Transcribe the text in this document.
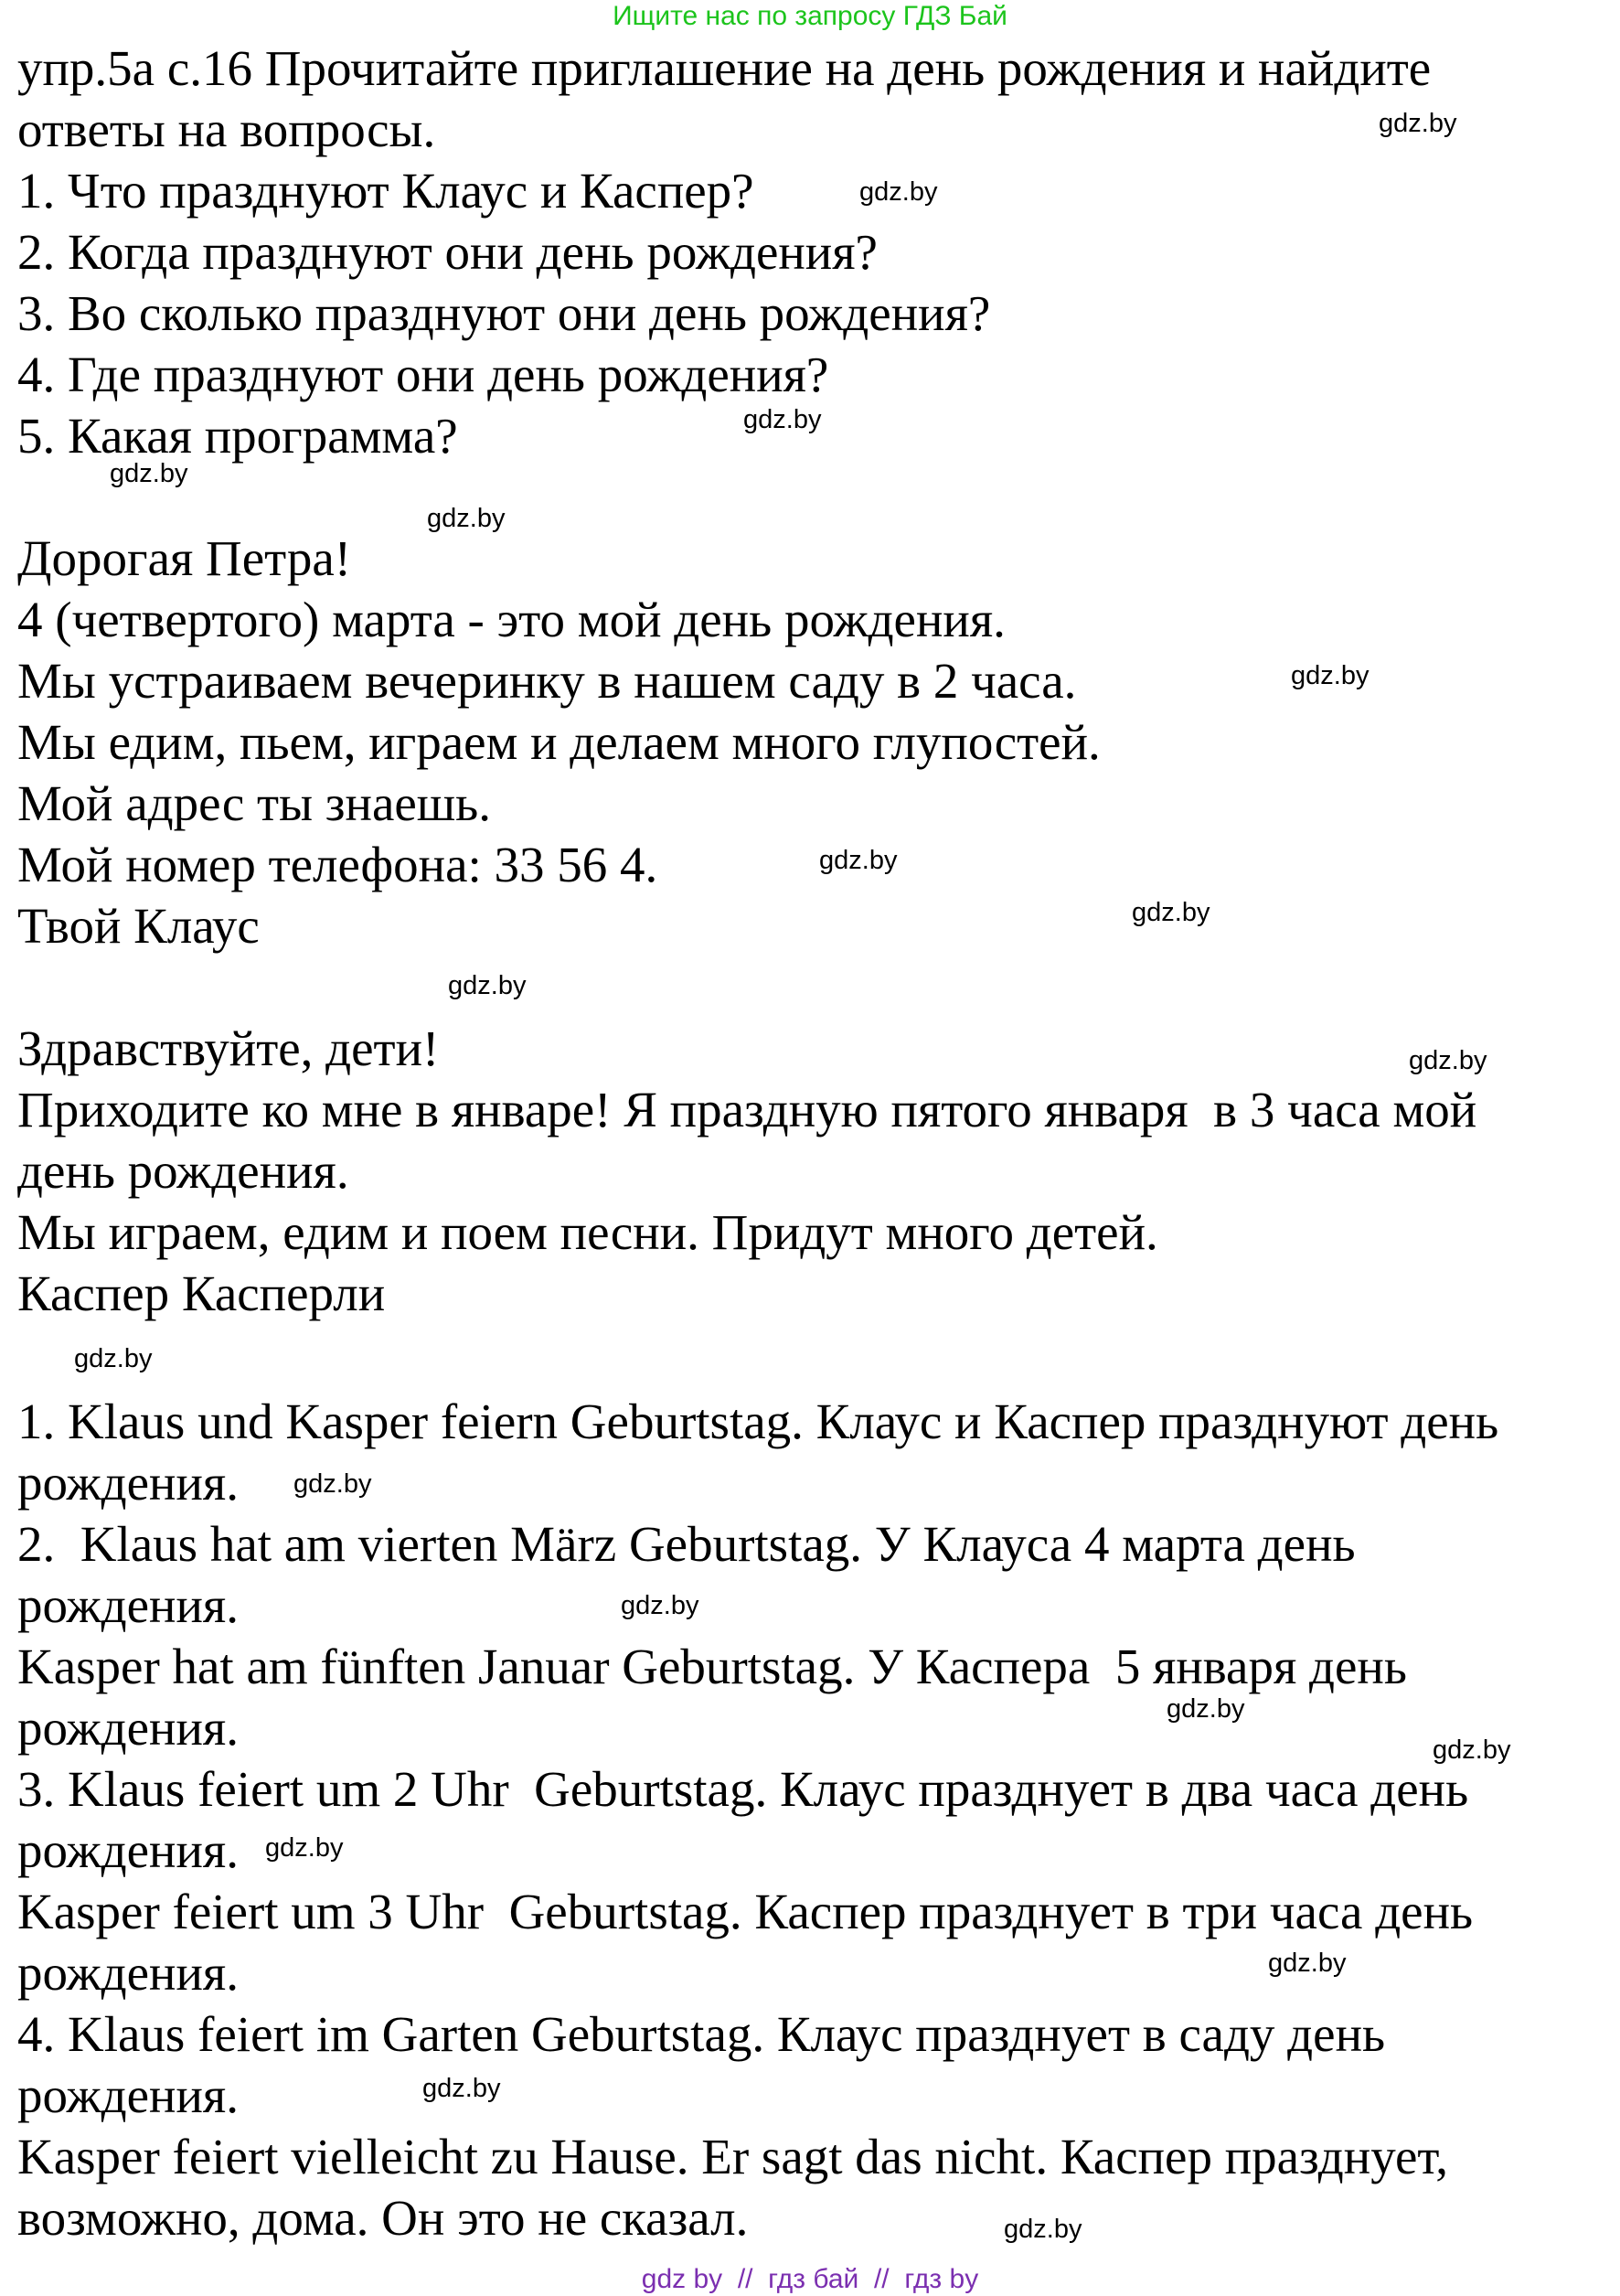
Ищите нас по запросу ГДЗ Бай
упр.5а с.16 Прочитайте приглашение на день рождения и найдите
ответы на вопросы.
1. Что празднуют Клаус и Каспер?
2. Когда празднуют они день рождения?
3. Во сколько празднуют они день рождения?
4. Где празднуют они день рождения?
5. Какая программа?
Дорогая Петра!
4 (четвертого) марта - это мой день рождения.
Мы устраиваем вечеринку в нашем саду в 2 часа.
Мы едим, пьем, играем и делаем много глупостей.
Мой адрес ты знаешь.
Мой номер телефона: 33 56 4.
Твой Клаус
Здравствуйте, дети!
Приходите ко мне в январе! Я праздную пятого января  в 3 часа мой
день рождения.
Мы играем, едим и поем песни. Придут много детей.
Каспер Касперли
1. Klaus und Kasper feiern Geburtstag. Клаус и Каспер празднуют день
рождения.
2.  Klaus hat am vierten März Geburtstag. У Клауса 4 марта день
рождения.
Kasper hat am fünften Januar Geburtstag. У Каспера  5 января день
рождения.
3. Klaus feiert um 2 Uhr  Geburtstag. Клаус празднует в два часа день
рождения.
Kasper feiert um 3 Uhr  Geburtstag. Каспер празднует в три часа день
рождения.
4. Klaus feiert im Garten Geburtstag. Клаус празднует в саду день
рождения.
Kasper feiert vielleicht zu Hause. Er sagt das nicht. Каспер празднует,
возможно, дома. Он это не сказал.
gdz.by
gdz.by
gdz.by
gdz.by
gdz.by
gdz.by
gdz.by
gdz.by
gdz.by
gdz.by
gdz.by
gdz.by
gdz.by
gdz.by
gdz.by
gdz.by
gdz.by
gdz.by
gdz.by
gdz by  //  гдз бай  //  гдз by
